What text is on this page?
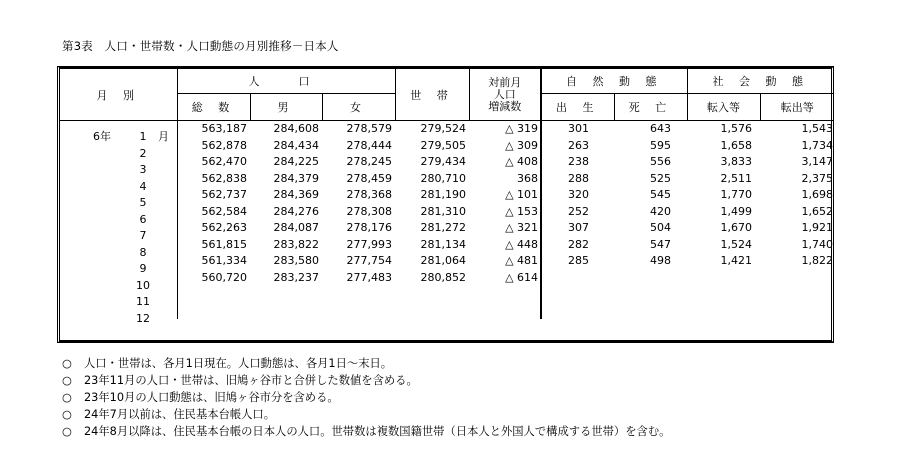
第3表　人口・世帯数・人口動態の月別推移－日本人
月 別	人　口			世 帯	対前月
人口
増減数	自 然 動 態		社 会 動 態	
	総 数	男	女			出 生	死 亡	転入等	転出等

6年 1 月	563,187	284,608	278,579	279,524	△ 319	301	643	1,576	1,543

2	562,878	284,434	278,444	279,505	△ 309	263	595	1,658	1,734

3	562,470	284,225	278,245	279,434	△ 408	238	556	3,833	3,147

4	562,838	284,379	278,459	280,710	368	288	525	2,511	2,375

5	562,737	284,369	278,368	281,190	△ 101	320	545	1,770	1,698

6	562,584	284,276	278,308	281,310	△ 153	252	420	1,499	1,652

7	562,263	284,087	278,176	281,272	△ 321	307	504	1,670	1,921

8	561,815	283,822	277,993	281,134	△ 448	282	547	1,524	1,740

9	561,334	283,580	277,754	281,064	△ 481	285	498	1,421	1,822

10	560,720	283,237	277,483	280,852	△ 614				

11									

12									

○ 人口・世帯は、各月1日現在。人口動態は、各月1日～末日。
○ 23年11月の人口・世帯は、旧鳩ヶ谷市と合併した数値を含める。
○ 23年10月の人口動態は、旧鳩ヶ谷市分を含める。
○ 24年7月以前は、住民基本台帳人口。
○ 24年8月以降は、住民基本台帳の日本人の人口。世帯数は複数国籍世帯（日本人と外国人で構成する世帯）を含む。
